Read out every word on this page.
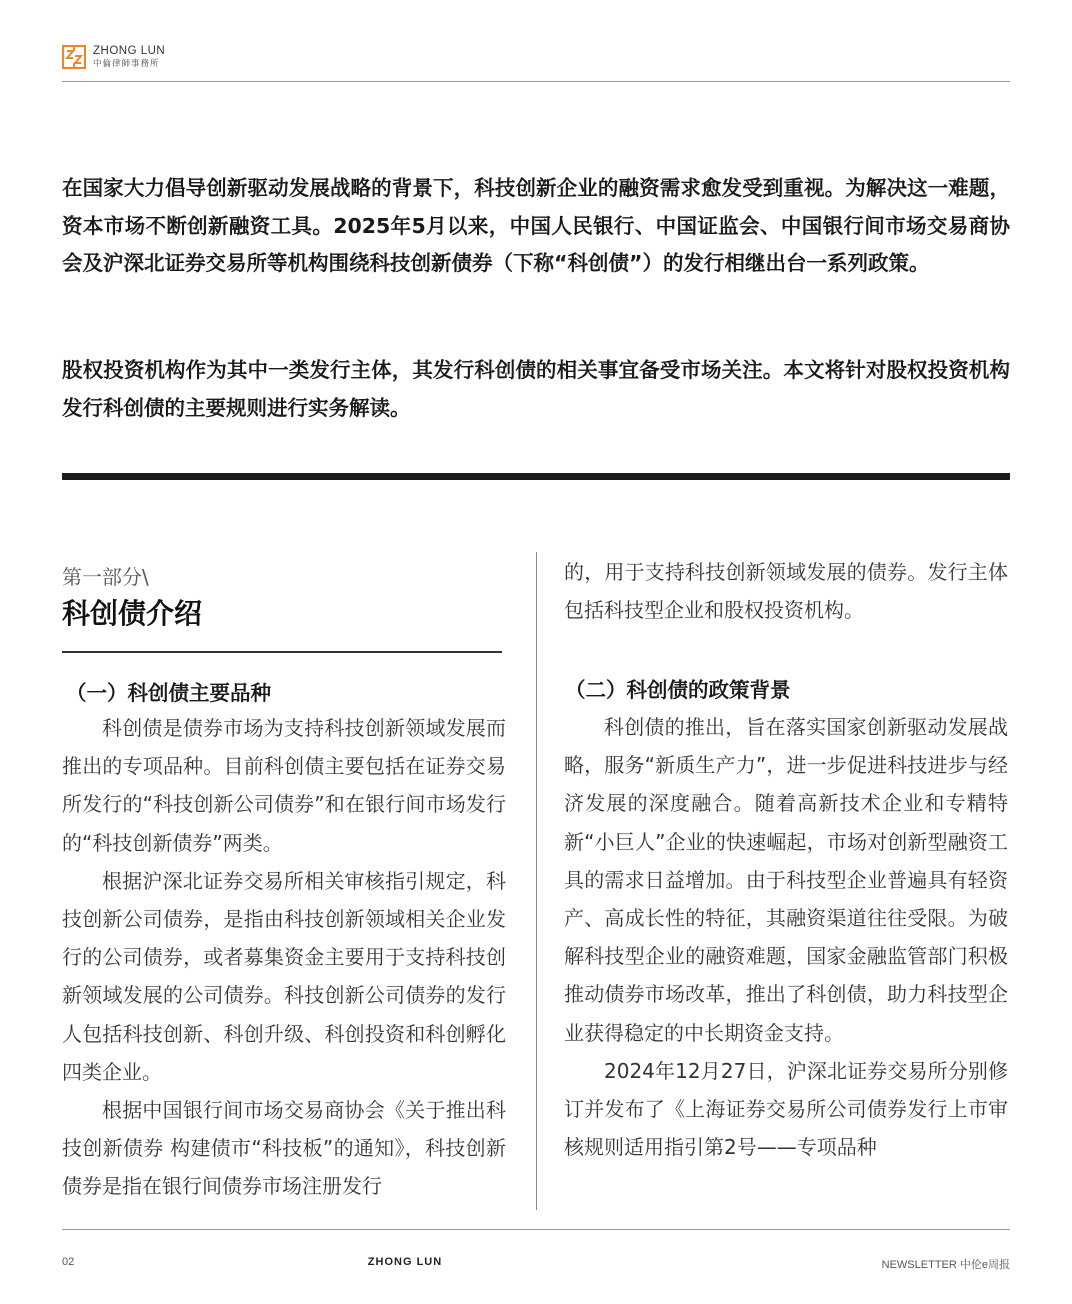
ZHONG LUN
中倫律師事務所

在国家大力倡导创新驱动发展战略的背景下，科技创新企业的融资需求愈发受到重视。为解决这一难题，资本市场不断创新融资工具。2025年5月以来，中国人民银行、中国证监会、中国银行间市场交易商协会及沪深北证券交易所等机构围绕科技创新债券（下称“科创债”）的发行相继出台一系列政策。

股权投资机构作为其中一类发行主体，其发行科创债的相关事宜备受市场关注。本文将针对股权投资机构发行科创债的主要规则进行实务解读。

第一部分\
科创债介绍
（一）科创债主要品种

科创债是债券市场为支持科技创新领域发展而推出的专项品种。目前科创债主要包括在证券交易所发行的“科技创新公司债券”和在银行间市场发行的“科技创新债券”两类。

根据沪深北证券交易所相关审核指引规定，科技创新公司债券，是指由科技创新领域相关企业发行的公司债券，或者募集资金主要用于支持科技创新领域发展的公司债券。科技创新公司债券的发行人包括科技创新、科创升级、科创投资和科创孵化四类企业。

根据中国银行间市场交易商协会《关于推出科技创新债券 构建债市“科技板”的通知》，科技创新债券是指在银行间债券市场注册发行

的，用于支持科技创新领域发展的债券。发行主体包括科技型企业和股权投资机构。

（二）科创债的政策背景

科创债的推出，旨在落实国家创新驱动发展战略，服务“新质生产力”，进一步促进科技进步与经济发展的深度融合。随着高新技术企业和专精特新“小巨人”企业的快速崛起，市场对创新型融资工具的需求日益增加。由于科技型企业普遍具有轻资产、高成长性的特征，其融资渠道往往受限。为破解科技型企业的融资难题，国家金融监管部门积极推动债券市场改革，推出了科创债，助力科技型企业获得稳定的中长期资金支持。

2024年12月27日，沪深北证券交易所分别修订并发布了《上海证券交易所公司债券发行上市审核规则适用指引第2号——专项品种

02	ZHONG LUN	NEWSLETTER 中伦e周报
